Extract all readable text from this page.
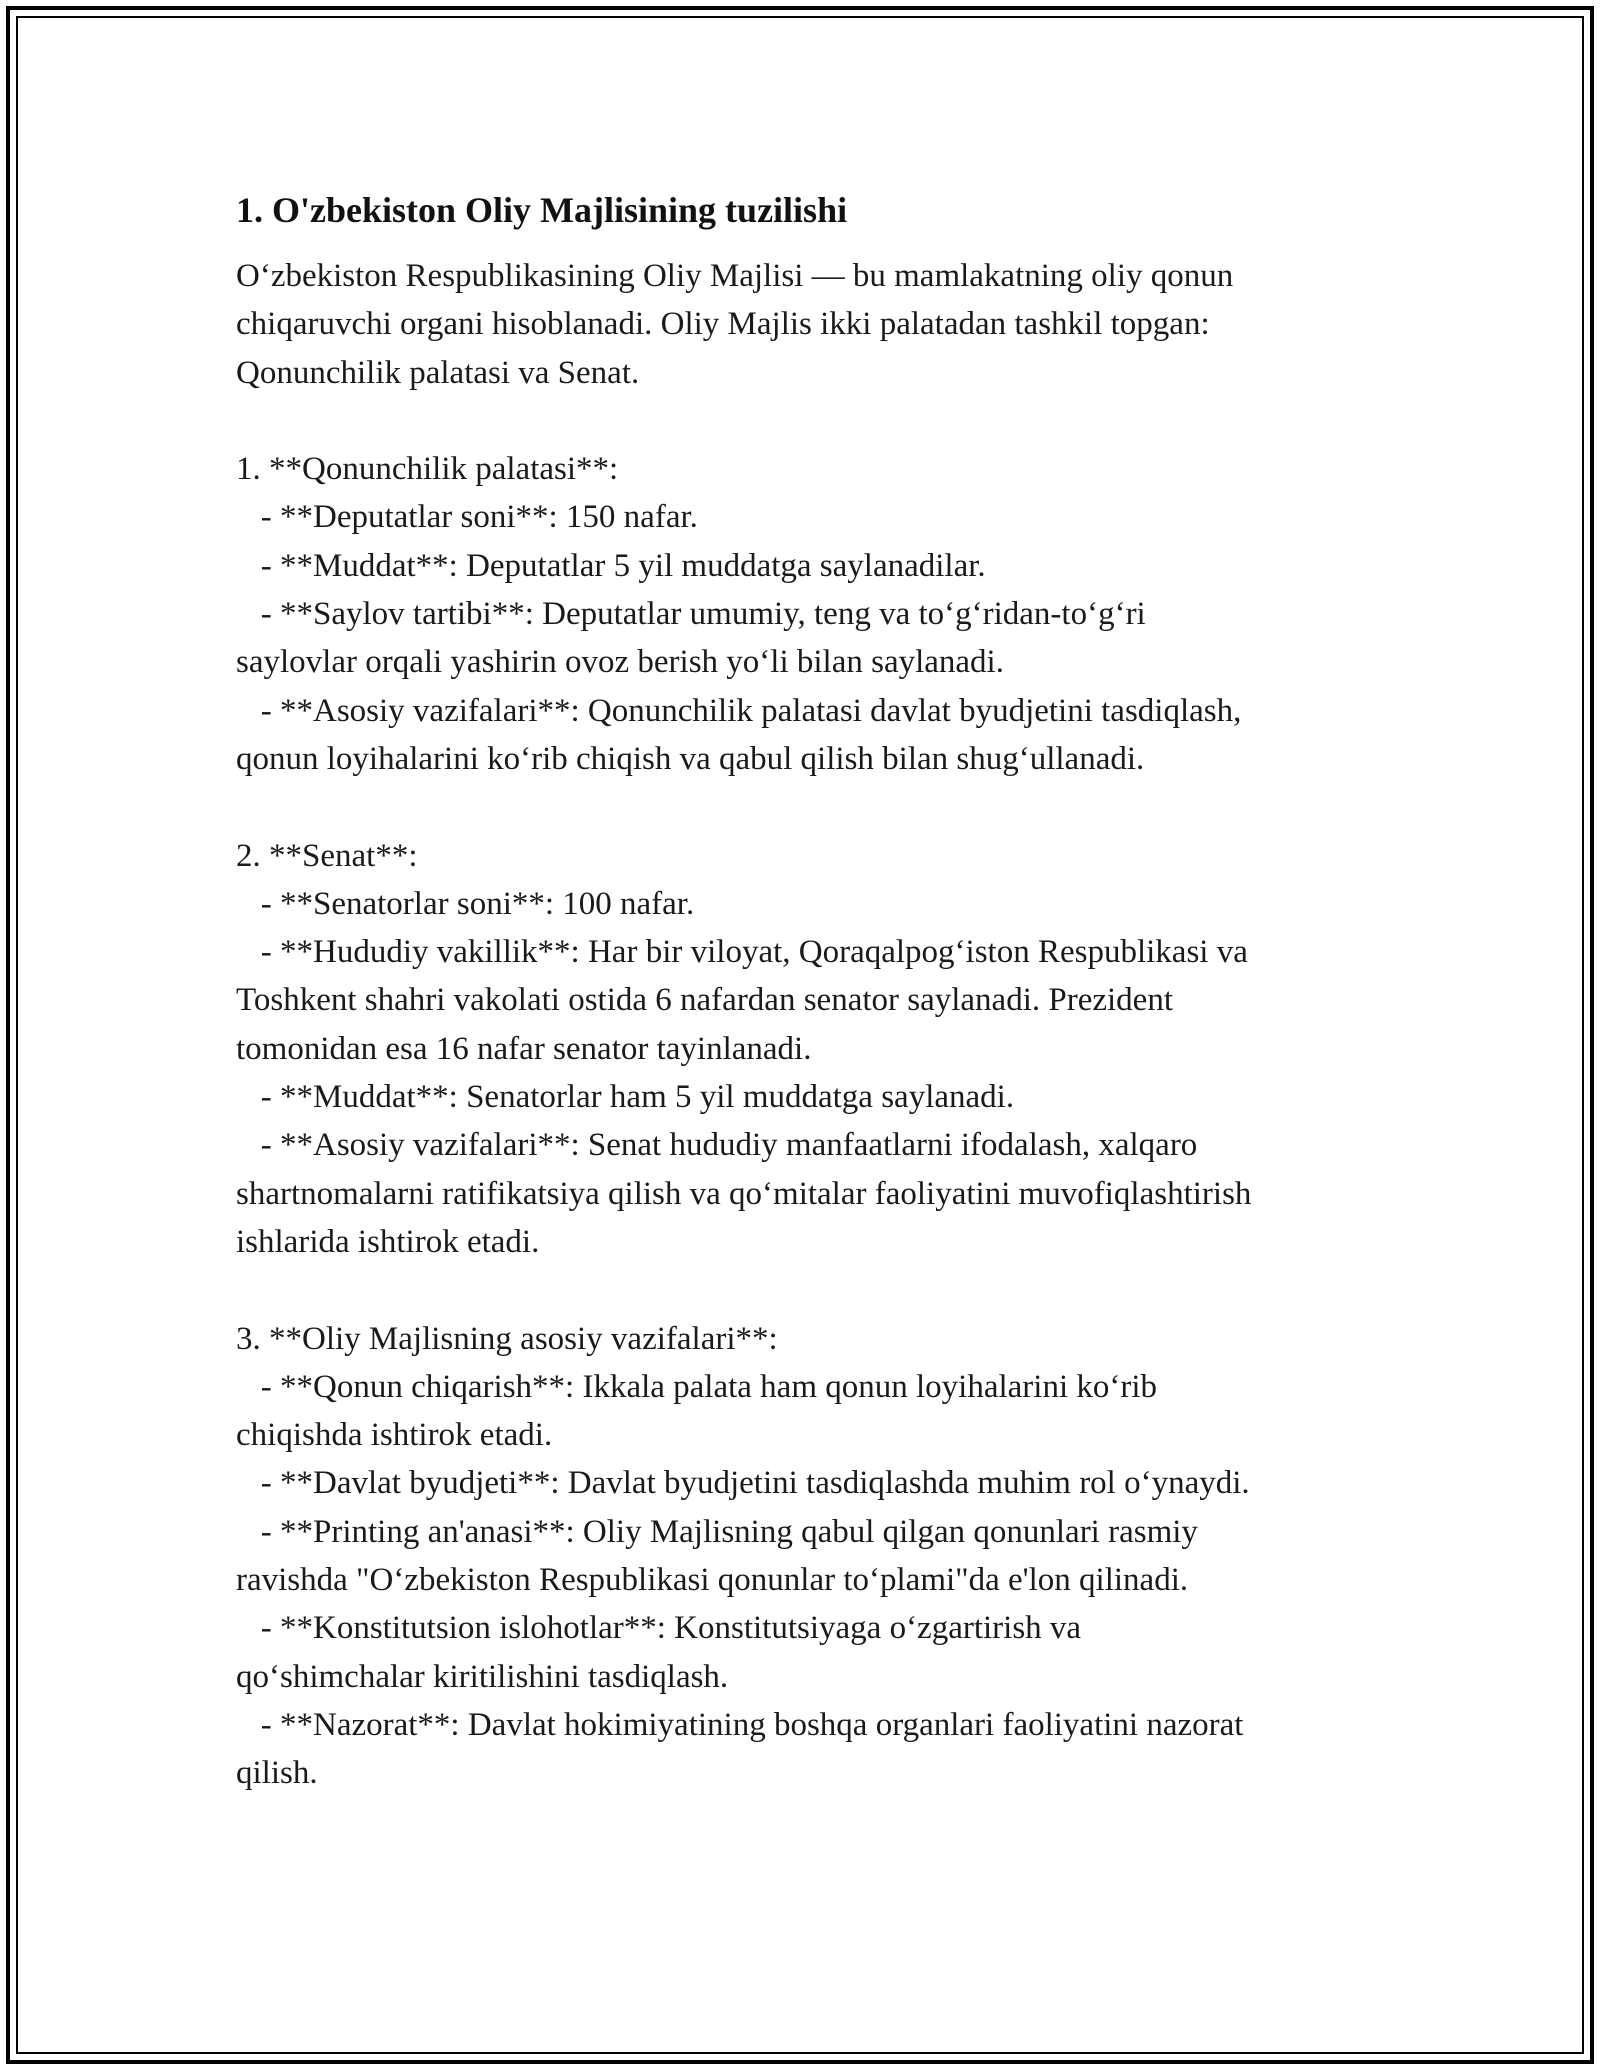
1. O'zbekiston Oliy Majlisining tuzilishi

O‘zbekiston Respublikasining Oliy Majlisi — bu mamlakatning oliy qonun
chiqaruvchi organi hisoblanadi. Oliy Majlis ikki palatadan tashkil topgan:
Qonunchilik palatasi va Senat.

1. **Qonunchilik palatasi**:
- **Deputatlar soni**: 150 nafar.
- **Muddat**: Deputatlar 5 yil muddatga saylanadilar.
- **Saylov tartibi**: Deputatlar umumiy, teng va to‘g‘ridan-to‘g‘ri
saylovlar orqali yashirin ovoz berish yo‘li bilan saylanadi.
- **Asosiy vazifalari**: Qonunchilik palatasi davlat byudjetini tasdiqlash,
qonun loyihalarini ko‘rib chiqish va qabul qilish bilan shug‘ullanadi.

2. **Senat**:
- **Senatorlar soni**: 100 nafar.
- **Hududiy vakillik**: Har bir viloyat, Qoraqalpog‘iston Respublikasi va
Toshkent shahri vakolati ostida 6 nafardan senator saylanadi. Prezident
tomonidan esa 16 nafar senator tayinlanadi.
- **Muddat**: Senatorlar ham 5 yil muddatga saylanadi.
- **Asosiy vazifalari**: Senat hududiy manfaatlarni ifodalash, xalqaro
shartnomalarni ratifikatsiya qilish va qo‘mitalar faoliyatini muvofiqlashtirish
ishlarida ishtirok etadi.

3. **Oliy Majlisning asosiy vazifalari**:
- **Qonun chiqarish**: Ikkala palata ham qonun loyihalarini ko‘rib
chiqishda ishtirok etadi.
- **Davlat byudjeti**: Davlat byudjetini tasdiqlashda muhim rol o‘ynaydi.
- **Printing an'anasi**: Oliy Majlisning qabul qilgan qonunlari rasmiy
ravishda "O‘zbekiston Respublikasi qonunlar to‘plami"da e'lon qilinadi.
- **Konstitutsion islohotlar**: Konstitutsiyaga o‘zgartirish va
qo‘shimchalar kiritilishini tasdiqlash.
- **Nazorat**: Davlat hokimiyatining boshqa organlari faoliyatini nazorat
qilish.
